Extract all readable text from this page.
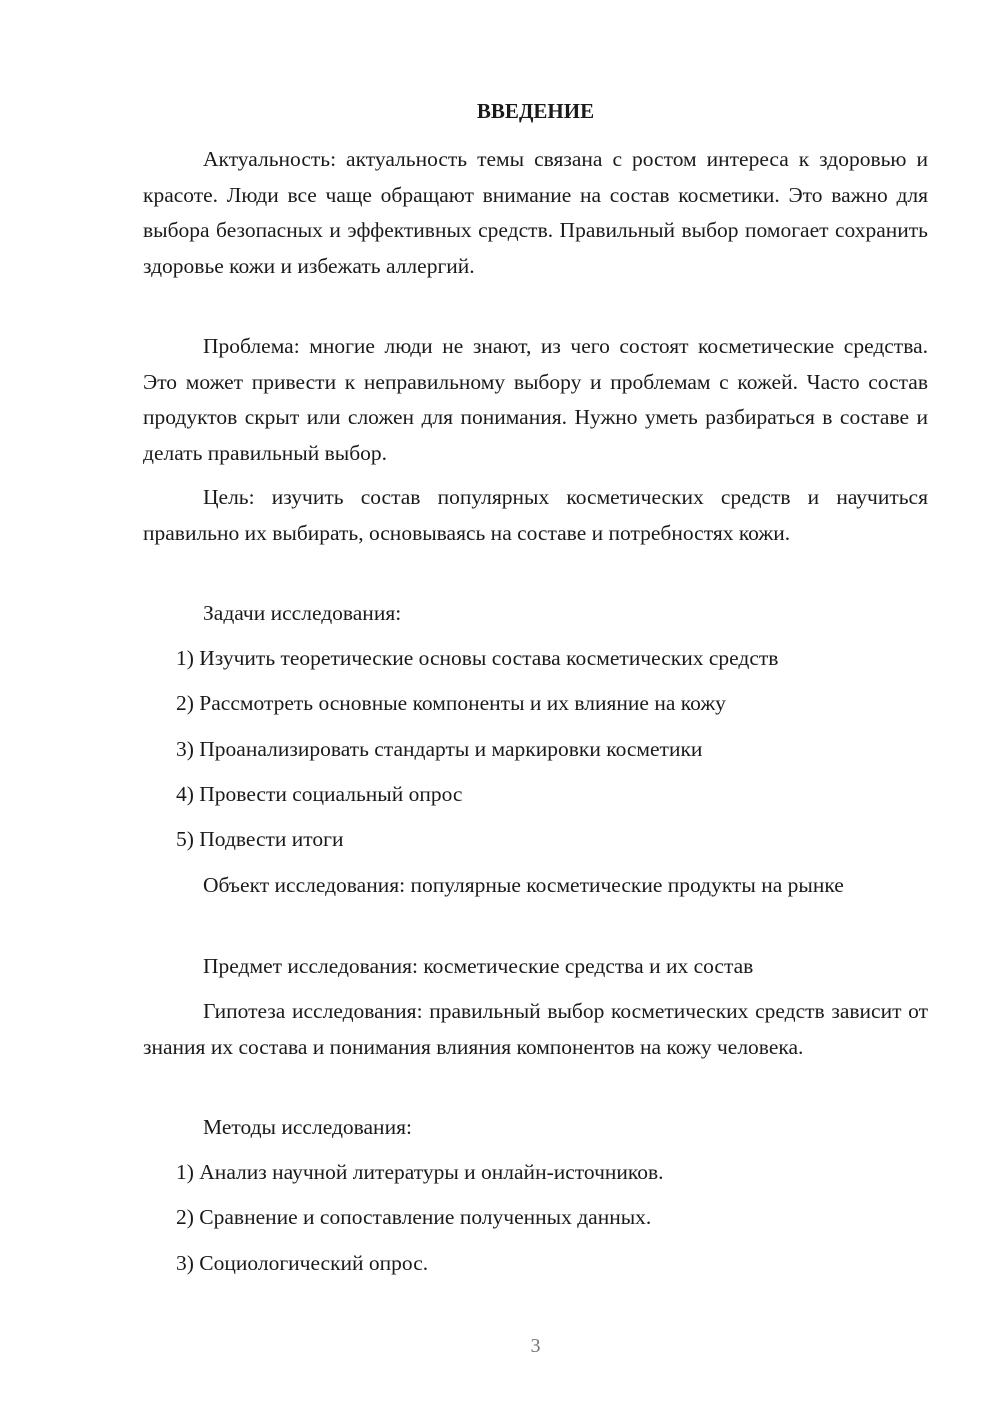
ВВЕДЕНИЕ

Актуальность: актуальность темы связана с ростом интереса к здоровью и красоте. Люди все чаще обращают внимание на состав косметики. Это важно для выбора безопасных и эффективных средств. Правильный выбор помогает сохранить здоровье кожи и избежать аллергий.

Проблема: многие люди не знают, из чего состоят косметические средства. Это может привести к неправильному выбору и проблемам с кожей. Часто состав продуктов скрыт или сложен для понимания. Нужно уметь разбираться в составе и делать правильный выбор.

Цель: изучить состав популярных косметических средств и научиться правильно их выбирать, основываясь на составе и потребностях кожи.

Задачи исследования:

1) Изучить теоретические основы состава косметических средств

2) Рассмотреть основные компоненты и их влияние на кожу

3) Проанализировать стандарты и маркировки косметики

4) Провести социальный опрос

5) Подвести итоги

Объект исследования: популярные косметические продукты на рынке

Предмет исследования: косметические средства и их состав

Гипотеза исследования: правильный выбор косметических средств зависит от знания их состава и понимания влияния компонентов на кожу человека.

Методы исследования:

1) Анализ научной литературы и онлайн-источников.

2) Сравнение и сопоставление полученных данных.

3) Социологический опрос.

3
